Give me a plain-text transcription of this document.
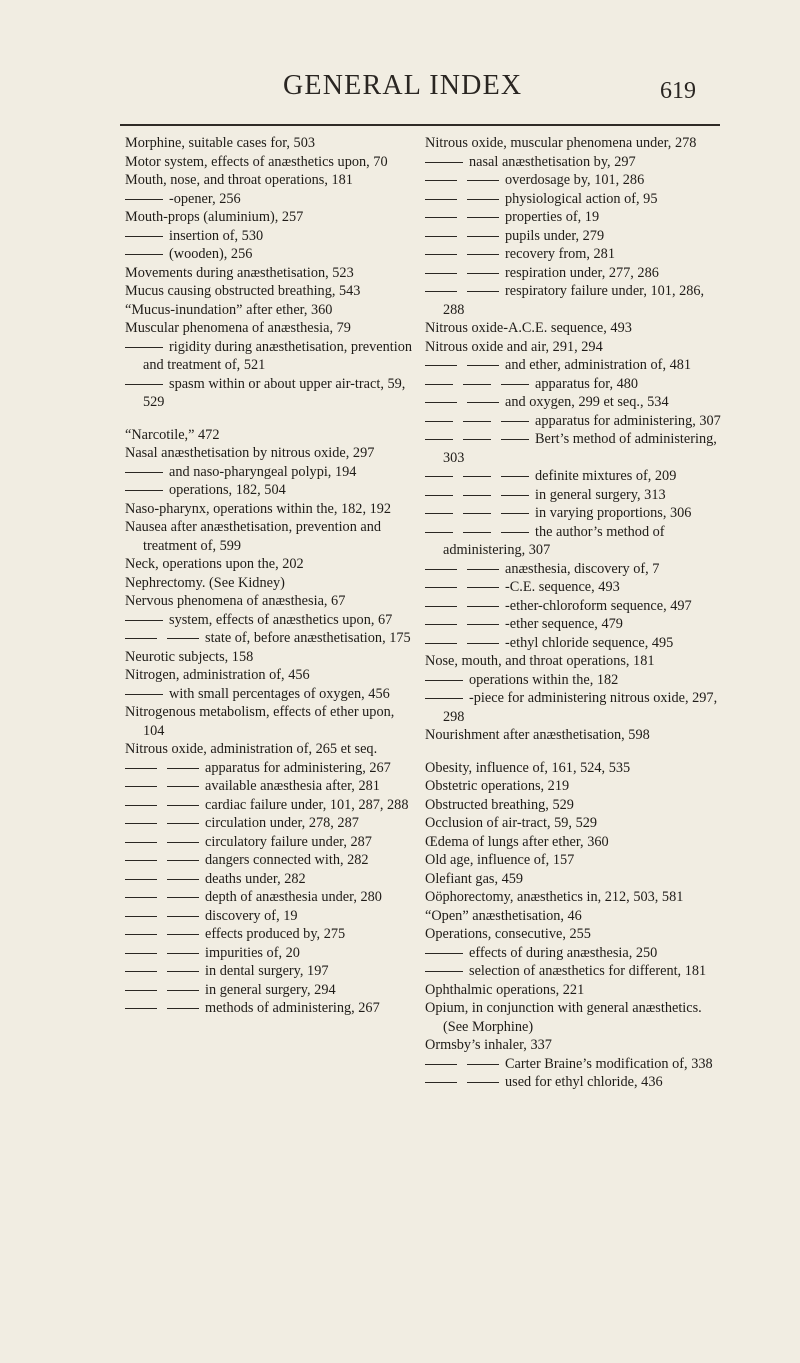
GENERAL INDEX	619
Morphine, suitable cases for, 503
Motor system, effects of anæsthetics upon, 70
Mouth, nose, and throat operations, 181
-opener, 256
Mouth-props (aluminium), 257
insertion of, 530
(wooden), 256
Movements during anæsthetisation, 523
Mucus causing obstructed breathing, 543
“Mucus-inundation” after ether, 360
Muscular phenomena of anæsthesia, 79
rigidity during anæsthetisation, prevention and treatment of, 521
spasm within or about upper air-tract, 59, 529
“Narcotile,” 472
Nasal anæsthetisation by nitrous oxide, 297
and naso-pharyngeal polypi, 194
operations, 182, 504
Naso-pharynx, operations within the, 182, 192
Nausea after anæsthetisation, prevention and treatment of, 599
Neck, operations upon the, 202
Nephrectomy. (See Kidney)
Nervous phenomena of anæsthesia, 67
system, effects of anæsthetics upon, 67
state of, before anæsthetisation, 175
Neurotic subjects, 158
Nitrogen, administration of, 456
with small percentages of oxygen, 456
Nitrogenous metabolism, effects of ether upon, 104
Nitrous oxide, administration of, 265 et seq.
apparatus for administering, 267
available anæsthesia after, 281
cardiac failure under, 101, 287, 288
circulation under, 278, 287
circulatory failure under, 287
dangers connected with, 282
deaths under, 282
depth of anæsthesia under, 280
discovery of, 19
effects produced by, 275
impurities of, 20
in dental surgery, 197
in general surgery, 294
methods of administering, 267
Nitrous oxide, muscular phenomena under, 278
nasal anæsthetisation by, 297
overdosage by, 101, 286
physiological action of, 95
properties of, 19
pupils under, 279
recovery from, 281
respiration under, 277, 286
respiratory failure under, 101, 286, 288
Nitrous oxide-A.C.E. sequence, 493
Nitrous oxide and air, 291, 294
and ether, administration of, 481
apparatus for, 480
and oxygen, 299 et seq., 534
apparatus for administering, 307
Bert’s method of administering, 303
definite mixtures of, 209
in general surgery, 313
in varying proportions, 306
the author’s method of administering, 307
anæsthesia, discovery of, 7
-C.E. sequence, 493
-ether-chloroform sequence, 497
-ether sequence, 479
-ethyl chloride sequence, 495
Nose, mouth, and throat operations, 181
operations within the, 182
-piece for administering nitrous oxide, 297, 298
Nourishment after anæsthetisation, 598
Obesity, influence of, 161, 524, 535
Obstetric operations, 219
Obstructed breathing, 529
Occlusion of air-tract, 59, 529
Œdema of lungs after ether, 360
Old age, influence of, 157
Olefiant gas, 459
Oöphorectomy, anæsthetics in, 212, 503, 581
“Open” anæsthetisation, 46
Operations, consecutive, 255
effects of during anæsthesia, 250
selection of anæsthetics for different, 181
Ophthalmic operations, 221
Opium, in conjunction with general anæsthetics. (See Morphine)
Ormsby’s inhaler, 337
Carter Braine’s modification of, 338
used for ethyl chloride, 436
